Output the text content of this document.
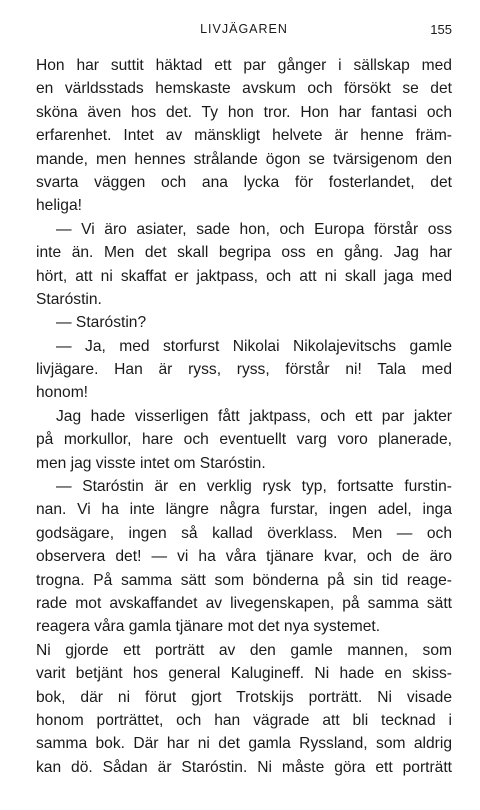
LIVJÄGAREN	155
Hon har suttit häktad ett par gånger i sällskap med
en världsstads hemskaste avskum och försökt se det
sköna även hos det. Ty hon tror. Hon har fantasi och
erfarenhet. Intet av mänskligt helvete är henne främ-
mande, men hennes strålande ögon se tvärsigenom den
svarta väggen och ana lycka för fosterlandet, det
heliga!
— Vi äro asiater, sade hon, och Europa förstår oss
inte än. Men det skall begripa oss en gång. Jag har
hört, att ni skaffat er jaktpass, och att ni skall jaga med
Staróstin.
— Staróstin?
— Ja, med storfurst Nikolai Nikolajevitschs gamle
livjägare. Han är ryss, ryss, förstår ni! Tala med
honom!
Jag hade visserligen fått jaktpass, och ett par jakter
på morkullor, hare och eventuellt varg voro planerade,
men jag visste intet om Staróstin.
— Staróstin är en verklig rysk typ, fortsatte furstin-
nan. Vi ha inte längre några furstar, ingen adel, inga
godsägare, ingen så kallad överklass. Men — och
observera det! — vi ha våra tjänare kvar, och de äro
trogna. På samma sätt som bönderna på sin tid reage-
rade mot avskaffandet av livegenskapen, på samma sätt
reagera våra gamla tjänare mot det nya systemet.
Ni gjorde ett porträtt av den gamle mannen, som
varit betjänt hos general Kalugineff. Ni hade en skiss-
bok, där ni förut gjort Trotskijs porträtt. Ni visade
honom porträttet, och han vägrade att bli tecknad i
samma bok. Där har ni det gamla Ryssland, som aldrig
kan dö. Sådan är Staróstin. Ni måste göra ett porträtt
